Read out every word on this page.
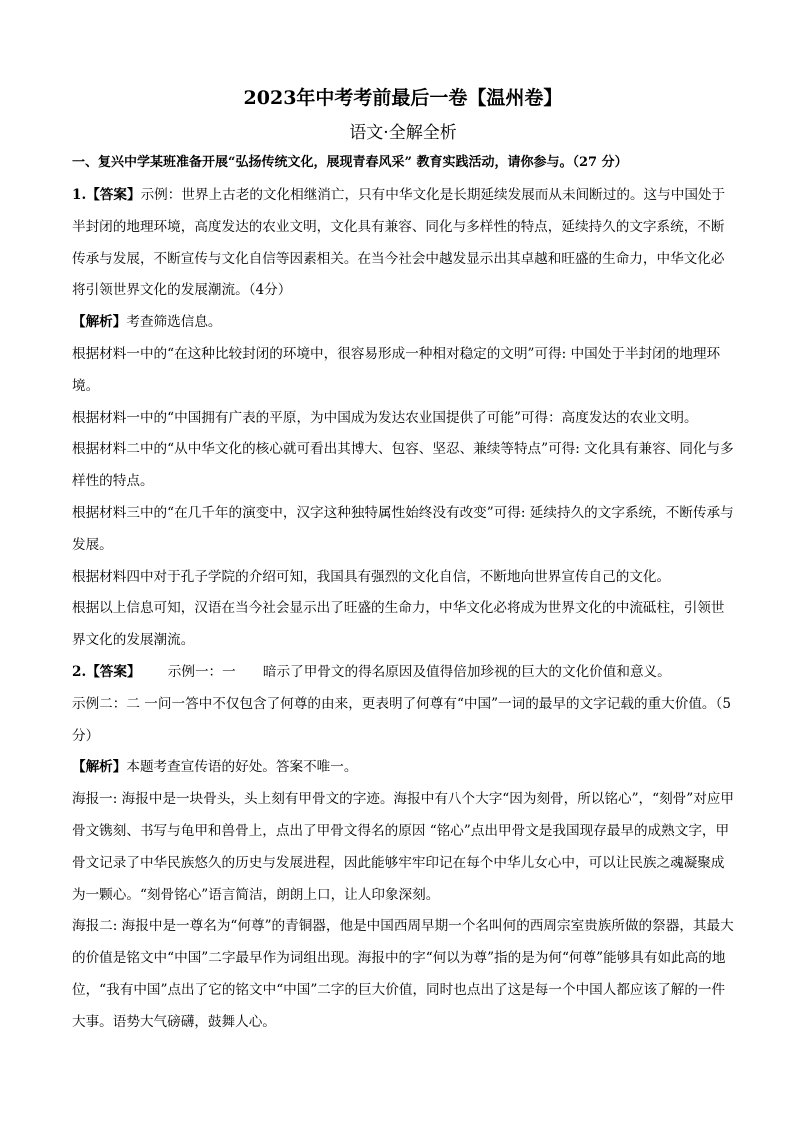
2023年中考考前最后一卷【温州卷】
语文·全解全析
一、复兴中学某班准备开展“弘扬传统文化，展现青春风采” 教育实践活动，请你参与。（27 分）

1.【答案】示例：世界上古老的文化相继消亡，只有中华文化是长期延续发展而从未间断过的。这与中国处于半封闭的地理环境，高度发达的农业文明，文化具有兼容、同化与多样性的特点，延续持久的文字系统，不断传承与发展，不断宣传与文化自信等因素相关。在当今社会中越发显示出其卓越和旺盛的生命力，中华文化必将引领世界文化的发展潮流。（4分）

【解析】考查筛选信息。

根据材料一中的“在这种比较封闭的环境中，很容易形成一种相对稳定的文明”可得: 中国处于半封闭的地理环境。

根据材料一中的“中国拥有广表的平原，为中国成为发达农业国提供了可能”可得：高度发达的农业文明。

根据材料二中的“从中华文化的核心就可看出其博大、包容、坚忍、兼续等特点”可得: 文化具有兼容、同化与多样性的特点。

根据材料三中的“在几千年的演变中，汉字这种独特属性始终没有改变”可得: 延续持久的文字系统，不断传承与发展。

根据材料四中对于孔子学院的介绍可知，我国具有强烈的文化自信，不断地向世界宣传自己的文化。

根据以上信息可知，汉语在当今社会显示出了旺盛的生命力，中华文化必将成为世界文化的中流砥柱，引领世界文化的发展潮流。

2.【答案】 示例一：一　　暗示了甲骨文的得名原因及值得倍加珍视的巨大的文化价值和意义。

示例二：二 一问一答中不仅包含了何尊的由来，更表明了何尊有“中国”一词的最早的文字记载的重大价值。（5分）

【解析】本题考查宣传语的好处。答案不唯一。

海报一: 海报中是一块骨头，头上刻有甲骨文的字迹。海报中有八个大字“因为刻骨，所以铭心”，“刻骨”对应甲骨文镌刻、书写与龟甲和兽骨上，点出了甲骨文得名的原因 “铭心”点出甲骨文是我国现存最早的成熟文字，甲骨文记录了中华民族悠久的历史与发展进程，因此能够牢牢印记在每个中华儿女心中，可以让民族之魂凝聚成为一颗心。“刻骨铭心”语言简洁，朗朗上口，让人印象深刻。

海报二: 海报中是一尊名为“何尊”的青铜器，他是中国西周早期一个名叫何的西周宗室贵族所做的祭器，其最大的价值是铭文中“中国”二字最早作为词组出现。海报中的字“何以为尊”指的是为何“何尊”能够具有如此高的地位，“我有中国”点出了它的铭文中“中国”二字的巨大价值，同时也点出了这是每一个中国人都应该了解的一件大事。语势大气磅礴，鼓舞人心。
